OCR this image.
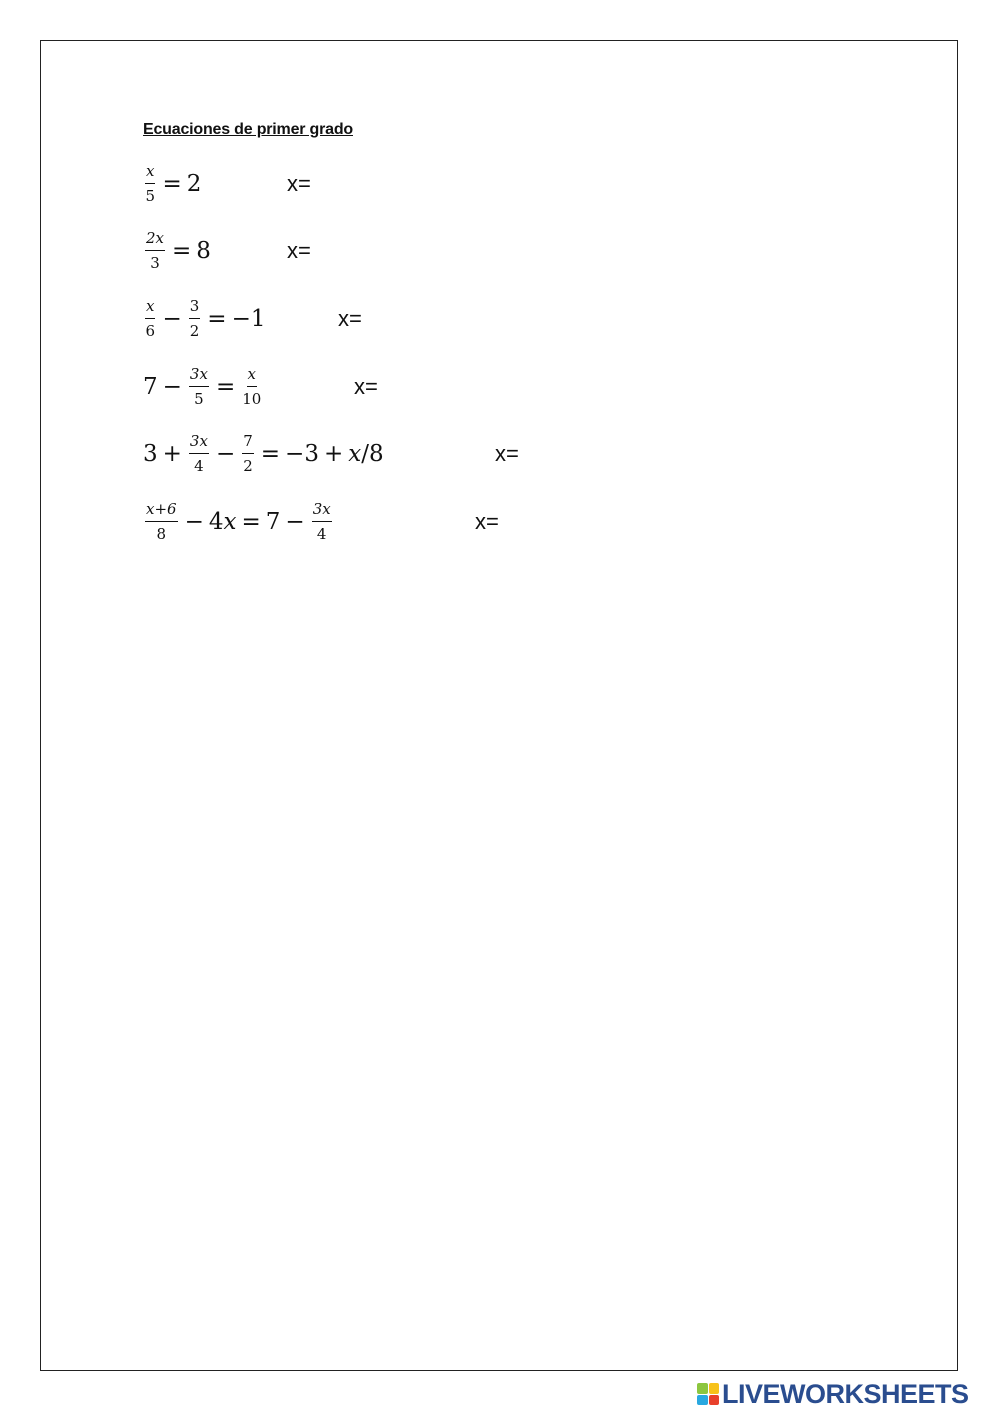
Ecuaciones de primer grado
$\frac{x}{5} = 2$	x=
$\frac{2x}{3} = 8$	x=
$\frac{x}{6} - \frac{3}{2} = -1$	x=
$7 - \frac{3x}{5} = \frac{x}{10}$	x=
$3 + \frac{3x}{4} - \frac{7}{2} = -3 + x$ /8	x=
$\frac{x+6}{8} - 4$ $x = 7 - \frac{3x}{4}$	x=
LIVEWORKSHEETS
